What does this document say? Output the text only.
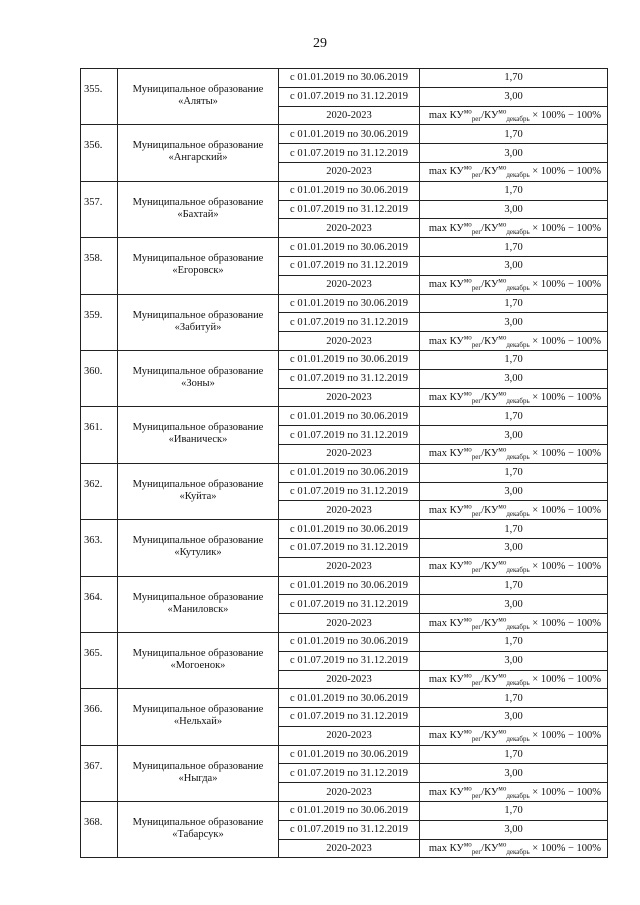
29
355.	Муниципальное образование
«Аляты»	с 01.01.2019 по 30.06.2019	1,70
		с 01.07.2019 по 31.12.2019	3,00
		2020-2023	$\max КУ^{мо}_{рег}/КУ^{мо}_{декабрь} \times 100\% - 100\%$
356.	Муниципальное образование
«Ангарский»	с 01.01.2019 по 30.06.2019	1,70
		с 01.07.2019 по 31.12.2019	3,00
		2020-2023	$\max КУ^{мо}_{рег}/КУ^{мо}_{декабрь} \times 100\% - 100\%$
357.	Муниципальное образование
«Бахтай»	с 01.01.2019 по 30.06.2019	1,70
		с 01.07.2019 по 31.12.2019	3,00
		2020-2023	$\max КУ^{мо}_{рег}/КУ^{мо}_{декабрь} \times 100\% - 100\%$
358.	Муниципальное образование
«Егоровск»	с 01.01.2019 по 30.06.2019	1,70
		с 01.07.2019 по 31.12.2019	3,00
		2020-2023	$\max КУ^{мо}_{рег}/КУ^{мо}_{декабрь} \times 100\% - 100\%$
359.	Муниципальное образование
«Забитуй»	с 01.01.2019 по 30.06.2019	1,70
		с 01.07.2019 по 31.12.2019	3,00
		2020-2023	$\max КУ^{мо}_{рег}/КУ^{мо}_{декабрь} \times 100\% - 100\%$
360.	Муниципальное образование
«Зоны»	с 01.01.2019 по 30.06.2019	1,70
		с 01.07.2019 по 31.12.2019	3,00
		2020-2023	$\max КУ^{мо}_{рег}/КУ^{мо}_{декабрь} \times 100\% - 100\%$
361.	Муниципальное образование
«Иваническ»	с 01.01.2019 по 30.06.2019	1,70
		с 01.07.2019 по 31.12.2019	3,00
		2020-2023	$\max КУ^{мо}_{рег}/КУ^{мо}_{декабрь} \times 100\% - 100\%$
362.	Муниципальное образование
«Куйта»	с 01.01.2019 по 30.06.2019	1,70
		с 01.07.2019 по 31.12.2019	3,00
		2020-2023	$\max КУ^{мо}_{рег}/КУ^{мо}_{декабрь} \times 100\% - 100\%$
363.	Муниципальное образование
«Кутулик»	с 01.01.2019 по 30.06.2019	1,70
		с 01.07.2019 по 31.12.2019	3,00
		2020-2023	$\max КУ^{мо}_{рег}/КУ^{мо}_{декабрь} \times 100\% - 100\%$
364.	Муниципальное образование
«Маниловск»	с 01.01.2019 по 30.06.2019	1,70
		с 01.07.2019 по 31.12.2019	3,00
		2020-2023	$\max КУ^{мо}_{рег}/КУ^{мо}_{декабрь} \times 100\% - 100\%$
365.	Муниципальное образование
«Могоенок»	с 01.01.2019 по 30.06.2019	1,70
		с 01.07.2019 по 31.12.2019	3,00
		2020-2023	$\max КУ^{мо}_{рег}/КУ^{мо}_{декабрь} \times 100\% - 100\%$
366.	Муниципальное образование
«Нельхай»	с 01.01.2019 по 30.06.2019	1,70
		с 01.07.2019 по 31.12.2019	3,00
		2020-2023	$\max КУ^{мо}_{рег}/КУ^{мо}_{декабрь} \times 100\% - 100\%$
367.	Муниципальное образование
«Ныгда»	с 01.01.2019 по 30.06.2019	1,70
		с 01.07.2019 по 31.12.2019	3,00
		2020-2023	$\max КУ^{мо}_{рег}/КУ^{мо}_{декабрь} \times 100\% - 100\%$
368.	Муниципальное образование
«Табарсук»	с 01.01.2019 по 30.06.2019	1,70
		с 01.07.2019 по 31.12.2019	3,00
		2020-2023	$\max КУ^{мо}_{рег}/КУ^{мо}_{декабрь} \times 100\% - 100\%$
